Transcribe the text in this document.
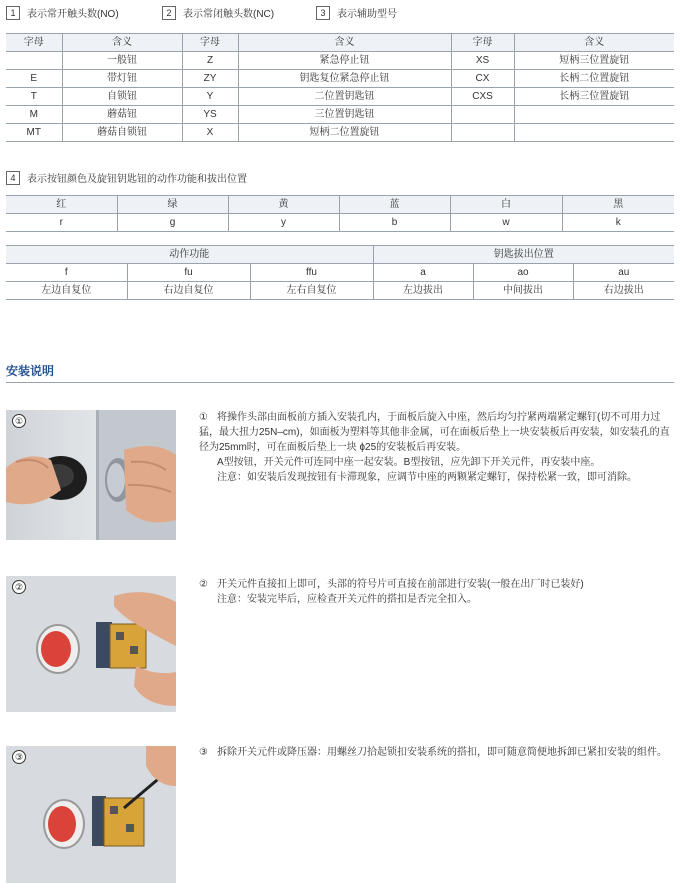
1	表示常开触头数(NO)	2	表示常闭触头数(NC)	3	表示辅助型号
字母	含义	字母	含义	字母	含义
	一般钮	Z	紧急停止钮	XS	短柄三位置旋钮
E	带灯钮	ZY	钥匙复位紧急停止钮	CX	长柄二位置旋钮
T	自锁钮	Y	二位置钥匙钮	CXS	长柄三位置旋钮
M	蘑菇钮	YS	三位置钥匙钮		
MT	蘑菇自锁钮	X	短柄二位置旋钮		
4	表示按钮颜色及旋钮钥匙钮的动作功能和拔出位置
红	绿	黄	蓝	白	黑
r	g	y	b	w	k
动作功能			钥匙拔出位置		
f	fu	ffu	a	ao	au
左边自复位	右边自复位	左右自复位	左边拔出	中间拔出	右边拔出
安装说明
①	① 将操作头部由面板前方插入安装孔内，于面板后旋入中座，然后均匀拧紧两端紧定螺钉(切不可用力过猛，最大扭力25N–cm)，如面板为塑料等其他非金属，可在面板后垫上一块安装板后再安装，如安装孔的直径为25mm时，可在面板后垫上一块 ɸ25的安装板后再安装。
A型按钮，开关元件可连同中座一起安装。B型按钮，应先卸下开关元件，再安装中座。
注意：如安装后发现按钮有卡滞现象，应调节中座的两颗紧定螺钉，保持松紧一致，即可消除。
②	② 开关元件直接扣上即可，头部的符号片可直接在前部进行安装(一般在出厂时已装好)
注意：安装完毕后，应检查开关元件的搭扣是否完全扣入。
③	③ 拆除开关元件或降压器：用螺丝刀拾起锁扣安装系统的搭扣，即可随意简便地拆卸已紧扣安装的组件。
